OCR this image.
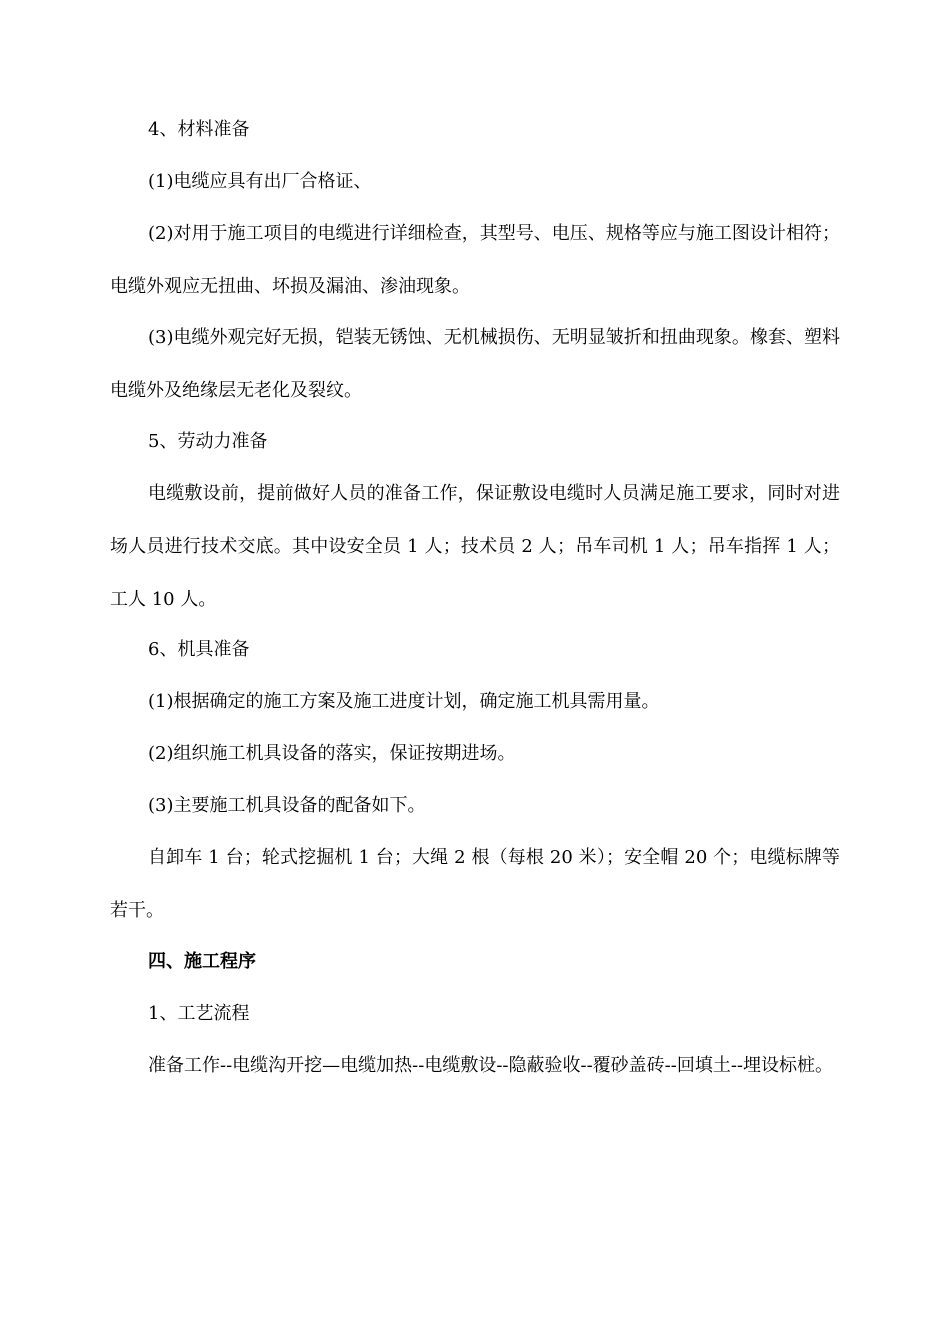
4、材料准备

(1)电缆应具有出厂合格证、

(2)对用于施工项目的电缆进行详细检查，其型号、电压、规格等应与施工图设计相符；电缆外观应无扭曲、坏损及漏油、渗油现象。

(3)电缆外观完好无损，铠装无锈蚀、无机械损伤、无明显皱折和扭曲现象。橡套、塑料电缆外及绝缘层无老化及裂纹。

5、劳动力准备

电缆敷设前，提前做好人员的准备工作，保证敷设电缆时人员满足施工要求，同时对进场人员进行技术交底。其中设安全员 1 人；技术员 2 人；吊车司机 1 人；吊车指挥 1 人；工人 10 人。

6、机具准备

(1)根据确定的施工方案及施工进度计划，确定施工机具需用量。

(2)组织施工机具设备的落实，保证按期进场。

(3)主要施工机具设备的配备如下。

自卸车 1 台；轮式挖掘机 1 台；大绳 2 根（每根 20 米）；安全帽 20 个；电缆标牌等若干。

四、施工程序

1、工艺流程

准备工作--电缆沟开挖—电缆加热--电缆敷设--隐蔽验收--覆砂盖砖--回填土--埋设标桩。
